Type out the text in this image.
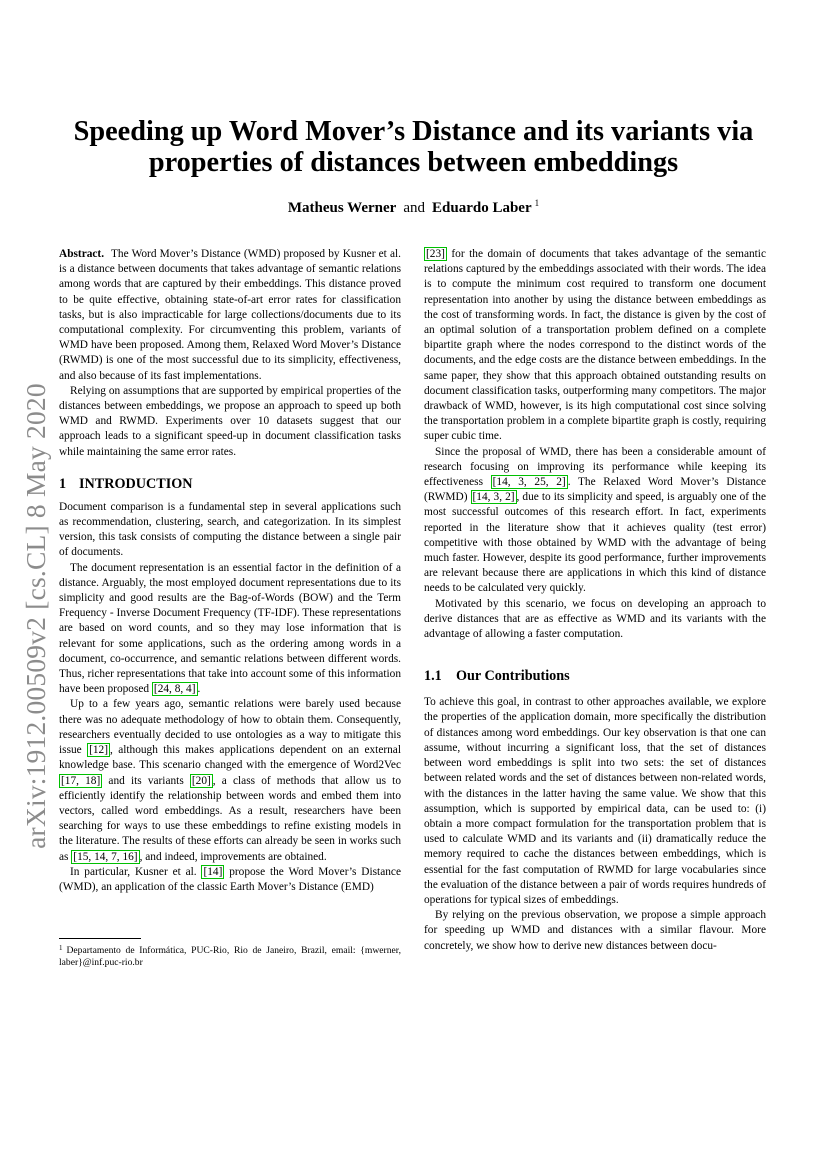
arXiv:1912.00509v2 [cs.CL] 8 May 2020
Speeding up Word Mover’s Distance and its variants via
properties of distances between embeddings
Matheus Werner and Eduardo Laber $^1$

Abstract. The Word Mover’s Distance (WMD) proposed by Kusner et al. is a distance between documents that takes advantage of semantic relations among words that are captured by their embeddings. This distance proved to be quite effective, obtaining state-of-art error rates for classification tasks, but is also impracticable for large collections/documents due to its computational complexity. For circumventing this problem, variants of WMD have been proposed. Among them, Relaxed Word Mover’s Distance (RWMD) is one of the most successful due to its simplicity, effectiveness, and also because of its fast implementations.

Relying on assumptions that are supported by empirical properties of the distances between embeddings, we propose an approach to speed up both WMD and RWMD. Experiments over 10 datasets suggest that our approach leads to a significant speed-up in document classification tasks while maintaining the same error rates.

1 INTRODUCTION

Document comparison is a fundamental step in several applications such as recommendation, clustering, search, and categorization. In its simplest version, this task consists of computing the distance between a single pair of documents.

The document representation is an essential factor in the definition of a distance. Arguably, the most employed document representations due to its simplicity and good results are the Bag-of-Words (BOW) and the Term Frequency - Inverse Document Frequency (TF-IDF). These representations are based on word counts, and so they may lose information that is relevant for some applications, such as the ordering among words in a document, co-occurrence, and semantic relations between different words. Thus, richer representations that take into account some of this information have been proposed [24, 8, 4] .

Up to a few years ago, semantic relations were barely used because there was no adequate methodology of how to obtain them. Consequently, researchers eventually decided to use ontologies as a way to mitigate this issue [12] , although this makes applications dependent on an external knowledge base. This scenario changed with the emergence of Word2Vec [17, 18] and its variants [20] , a class of methods that allow us to efficiently identify the relationship between words and embed them into vectors, called word embeddings. As a result, researchers have been searching for ways to use these embeddings to refine existing models in the literature. The results of these efforts can already be seen in works such as [15, 14, 7, 16] , and indeed, improvements are obtained.

In particular, Kusner et al. [14] propose the Word Mover’s Distance (WMD), an application of the classic Earth Mover’s Distance (EMD)

$^1$ Departamento de Informática, PUC-Rio, Rio de Janeiro, Brazil, email: {mwerner, laber}@inf.puc-rio.br

[23] for the domain of documents that takes advantage of the semantic relations captured by the embeddings associated with their words. The idea is to compute the minimum cost required to transform one document representation into another by using the distance between embeddings as the cost of transforming words. In fact, the distance is given by the cost of an optimal solution of a transportation problem defined on a complete bipartite graph where the nodes correspond to the distinct words of the documents, and the edge costs are the distance between embeddings. In the same paper, they show that this approach obtained outstanding results on document classification tasks, outperforming many competitors. The major drawback of WMD, however, is its high computational cost since solving the transportation problem in a complete bipartite graph is costly, requiring super cubic time.

Since the proposal of WMD, there has been a considerable amount of research focusing on improving its performance while keeping its effectiveness [14, 3, 25, 2] . The Relaxed Word Mover’s Distance (RWMD) [14, 3, 2] , due to its simplicity and speed, is arguably one of the most successful outcomes of this research effort. In fact, experiments reported in the literature show that it achieves quality (test error) competitive with those obtained by WMD with the advantage of being much faster. However, despite its good performance, further improvements are relevant because there are applications in which this kind of distance needs to be calculated very quickly.

Motivated by this scenario, we focus on developing an approach to derive distances that are as effective as WMD and its variants with the advantage of allowing a faster computation.

1.1 Our Contributions

To achieve this goal, in contrast to other approaches available, we explore the properties of the application domain, more specifically the distribution of distances among word embeddings. Our key observation is that one can assume, without incurring a significant loss, that the set of distances between word embeddings is split into two sets: the set of distances between related words and the set of distances between non-related words, with the distances in the latter having the same value. We show that this assumption, which is supported by empirical data, can be used to: (i) obtain a more compact formulation for the transportation problem that is used to calculate WMD and its variants and (ii) dramatically reduce the memory required to cache the distances between embeddings, which is essential for the fast computation of RWMD for large vocabularies since the evaluation of the distance between a pair of words requires hundreds of operations for typical sizes of embeddings.

By relying on the previous observation, we propose a simple approach for speeding up WMD and distances with a similar flavour. More concretely, we show how to derive new distances between docu-
